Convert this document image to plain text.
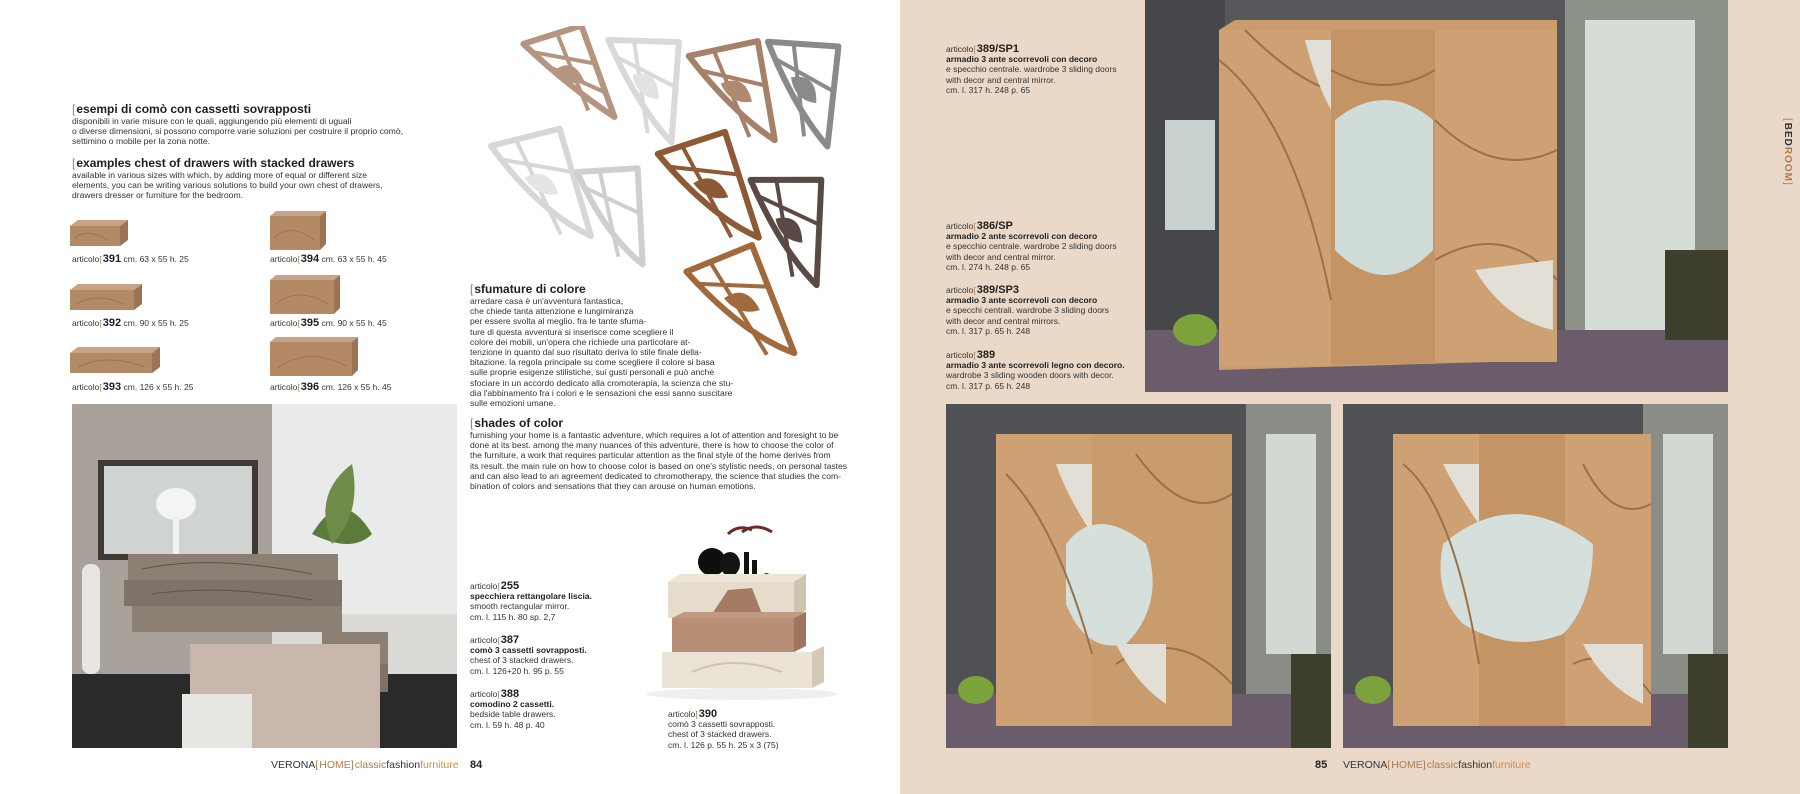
[esempi di comò con cassetti sovrapposti
disponibili in varie misure con le quali, aggiungendo più elementi di uguali
o diverse dimensioni, si possono comporre varie soluzioni per costruire il proprio comò,
settimino o mobile per la zona notte.
[examples chest of drawers with stacked drawers
available in various sizes with which, by adding more of equal or different size
elements, you can be writing various solutions to build your own chest of drawers,
drawers dresser or furniture for the bedroom.
articolo[391 cm. 63 x 55 h. 25	articolo[394 cm. 63 x 55 h. 45
articolo[392 cm. 90 x 55 h. 25	articolo[395 cm. 90 x 55 h. 45
articolo[393 cm. 126 x 55 h. 25	articolo[396 cm. 126 x 55 h. 45
[sfumature di colore
arredare casa è un'avventura fantastica,
che chiede tanta attenzione e lungimiranza
per essere svolta al meglio. fra le tante sfuma-
ture di questa avventura si inserisce come scegliere il
colore dei mobili, un'opera che richiede una particolare at-
tenzione in quanto dal suo risultato deriva lo stile finale della-
bitazione. la regola principale su come scegliere il colore si basa
sulle proprie esigenze stilistiche, sui gusti personali e può anche
sfociare in un accordo dedicato alla cromoterapia, la scienza che stu-
dia l'abbinamento fra i colori e le sensazioni che essi sanno suscitare
sulle emozioni umane.
[shades of color
furnishing your home is a fantastic adventure, which requires a lot of attention and foresight to be
done at its best. among the many nuances of this adventure, there is how to choose the color of
the furniture, a work that requires particular attention as the final style of the home derives from
its result. the main rule on how to choose color is based on one's stylistic needs, on personal tastes
and can also lead to an agreement dedicated to chromotherapy, the science that studies the com-
bination of colors and sensations that they can arouse on human emotions.
articolo[255
specchiera rettangolare liscia.
smooth rectangular mirror.
cm. l. 115 h. 80 sp. 2,7
articolo[387
comò 3 cassetti sovrapposti.
chest of 3 stacked drawers.
cm. l. 126+20 h. 95 p. 55
articolo[388
comodino 2 cassetti.
bedside table drawers.
cm. l. 59 h. 48 p. 40
articolo[390
comò 3 cassetti sovrapposti.
chest of 3 stacked drawers.
cm. l. 126 p. 55 h. 25 x 3 (75)
VERONA[HOME]classicfashionfurniture 84
articolo[389/SP1
armadio 3 ante scorrevoli con decoro
e specchio centrale. wardrobe 3 sliding doors
with decor and central mirror.
cm. l. 317 h. 248 p. 65
articolo[386/SP
armadio 2 ante scorrevoli con decoro
e specchio centrale. wardrobe 2 sliding doors
with decor and central mirror.
cm. l. 274 h. 248 p. 65
articolo[389/SP3
armadio 3 ante scorrevoli con decoro
e specchi centrali. wardrobe 3 sliding doors
with decor and central mirrors.
cm. l. 317 p. 65 h. 248
articolo[389
armadio 3 ante scorrevoli legno con decoro.
wardrobe 3 sliding wooden doors with decor.
cm. l. 317 p. 65 h. 248
[BEDROOM]
85 VERONA[HOME]classicfashionfurniture
